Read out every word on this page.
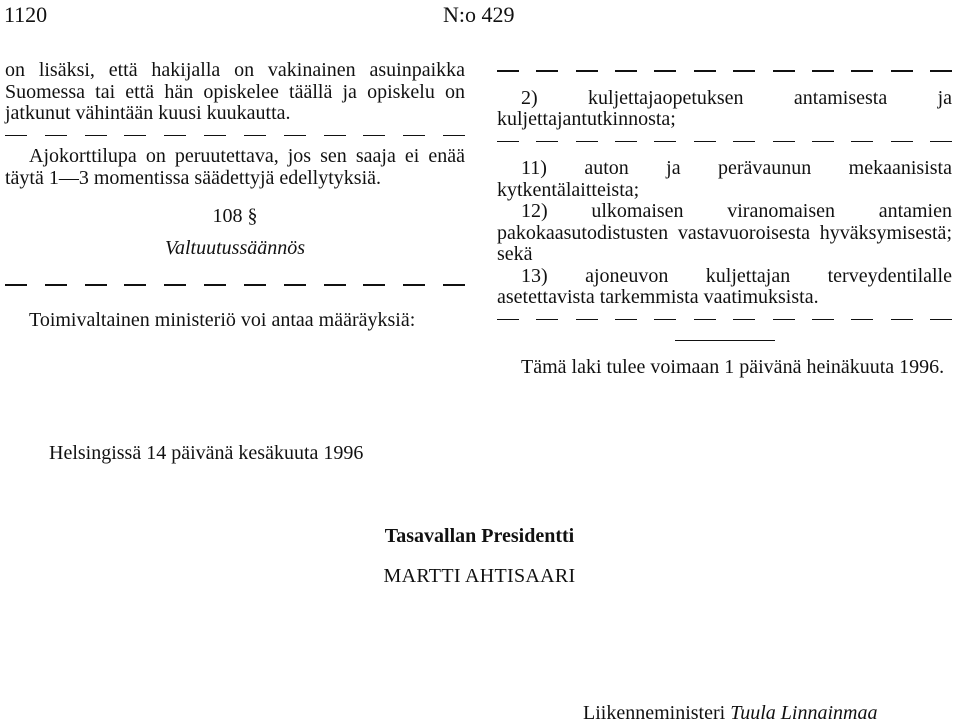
1120	N:o 429

on lisäksi, että hakijalla on vakinainen asuinpaikka Suomessa tai että hän opiskelee täällä ja opiskelu on jatkunut vähintään kuusi kuukautta.

Ajokorttilupa on peruutettava, jos sen saaja ei enää täytä 1—3 momentissa säädettyjä edellytyksiä.

108 §
Valtuutussäännös

Toimivaltainen ministeriö voi antaa määräyksiä:

2) kuljettajaopetuksen antamisesta ja kuljettajantutkinnosta;

11) auton ja perävaunun mekaanisista kytkentälaitteista;

12) ulkomaisen viranomaisen antamien pakokaasutodistusten vastavuoroisesta hyväksymisestä; sekä

13) ajoneuvon kuljettajan terveydentilalle asetettavista tarkemmista vaatimuksista.

Tämä laki tulee voimaan 1 päivänä heinäkuuta 1996.

Helsingissä 14 päivänä kesäkuuta 1996
Tasavallan Presidentti
MARTTI AHTISAARI
Liikenneministeri Tuula Linnainmaa
